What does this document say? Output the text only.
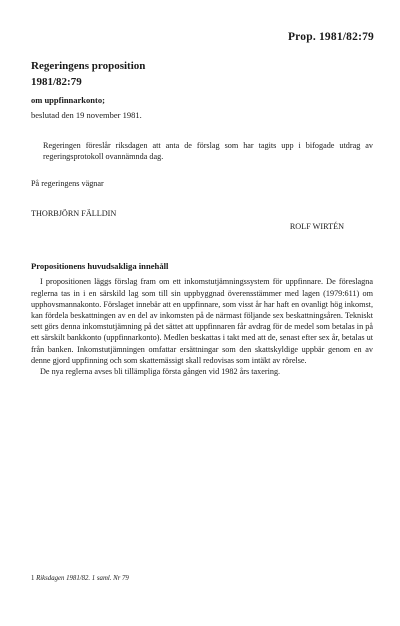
Prop. 1981/82:79

Regeringens proposition

1981/82:79

om uppfinnarkonto;

beslutad den 19 november 1981.

Regeringen föreslår riksdagen att anta de förslag som har tagits upp i bifogade utdrag av regeringsprotokoll ovannämnda dag.

På regeringens vägnar

THORBJÖRN FÄLLDIN

ROLF WIRTÉN

Propositionens huvudsakliga innehåll

I propositionen läggs förslag fram om ett inkomstutjämningssystem för uppfinnare. De föreslagna reglerna tas in i en särskild lag som till sin uppbyggnad överensstämmer med lagen (1979:611) om upphovsmannakonto. Förslaget innebär att en uppfinnare, som visst år har haft en ovanligt hög inkomst, kan fördela beskattningen av en del av inkomsten på de närmast följande sex beskattningsåren. Tekniskt sett görs denna inkomstutjämning på det sättet att uppfinnaren får avdrag för de medel som betalas in på ett särskilt bankkonto (uppfinnarkonto). Medlen beskattas i takt med att de, senast efter sex år, betalas ut från banken. Inkomstutjämningen omfattar ersättningar som den skattskyldige uppbär genom en av denne gjord uppfinning och som skattemässigt skall redovisas som intäkt av rörelse.

De nya reglerna avses bli tillämpliga första gången vid 1982 års taxering.

1 Riksdagen 1981/82. 1 saml. Nr 79
